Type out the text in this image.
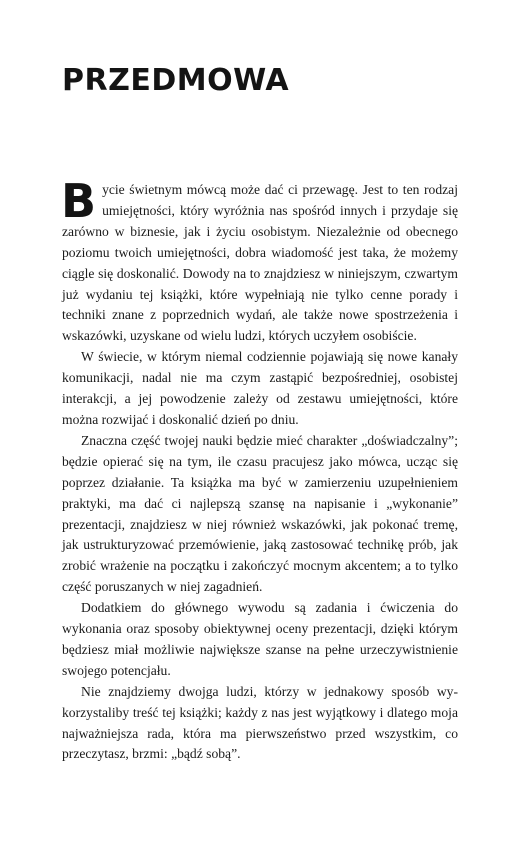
PRZEDMOWA

Bycie świetnym mówcą może dać ci przewagę. Jest to ten rodzaj umiejętności, który wyróżnia nas spośród innych i przydaje się zarówno w biznesie, jak i życiu osobistym. Niezależnie od obecnego poziomu twoich umiejętności, dobra wiadomość jest taka, że możemy ciągle się doskonalić. Dowody na to znajdziesz w niniejszym, czwartym już wydaniu tej książki, które wypełniają nie tylko cenne porady i techniki znane z poprzednich wydań, ale także nowe spostrzeżenia i wskazówki, uzyskane od wielu ludzi, których uczyłem osobiście.

W świecie, w którym niemal codziennie pojawiają się nowe kanały komunikacji, nadal nie ma czym zastąpić bezpośredniej, osobistej interakcji, a jej powodzenie zależy od zestawu umiejętności, które można rozwijać i doskonalić dzień po dniu.

Znaczna część twojej nauki będzie mieć charakter „doświadczalny”; będzie opierać się na tym, ile czasu pracujesz jako mówca, ucząc się poprzez działanie. Ta książka ma być w zamierzeniu uzupełnieniem praktyki, ma dać ci najlepszą szansę na napisanie i „wykonanie” prezentacji, znajdziesz w niej również wskazówki, jak pokonać tremę, jak ustrukturyzować przemówienie, jaką zastosować technikę prób, jak zrobić wrażenie na początku i zakończyć mocnym akcentem; a to tylko część poruszanych w niej zagadnień.

Dodatkiem do głównego wywodu są zadania i ćwiczenia do wykonania oraz sposoby obiektywnej oceny prezentacji, dzięki którym będziesz miał możliwie największe szanse na pełne urzeczywistnienie swojego potencjału.

Nie znajdziemy dwojga ludzi, którzy w jednakowy sposób wykorzystaliby treść tej książki; każdy z nas jest wyjątkowy i dlatego moja najważniejsza rada, która ma pierwszeństwo przed wszystkim, co przeczytasz, brzmi: „bądź sobą”.
